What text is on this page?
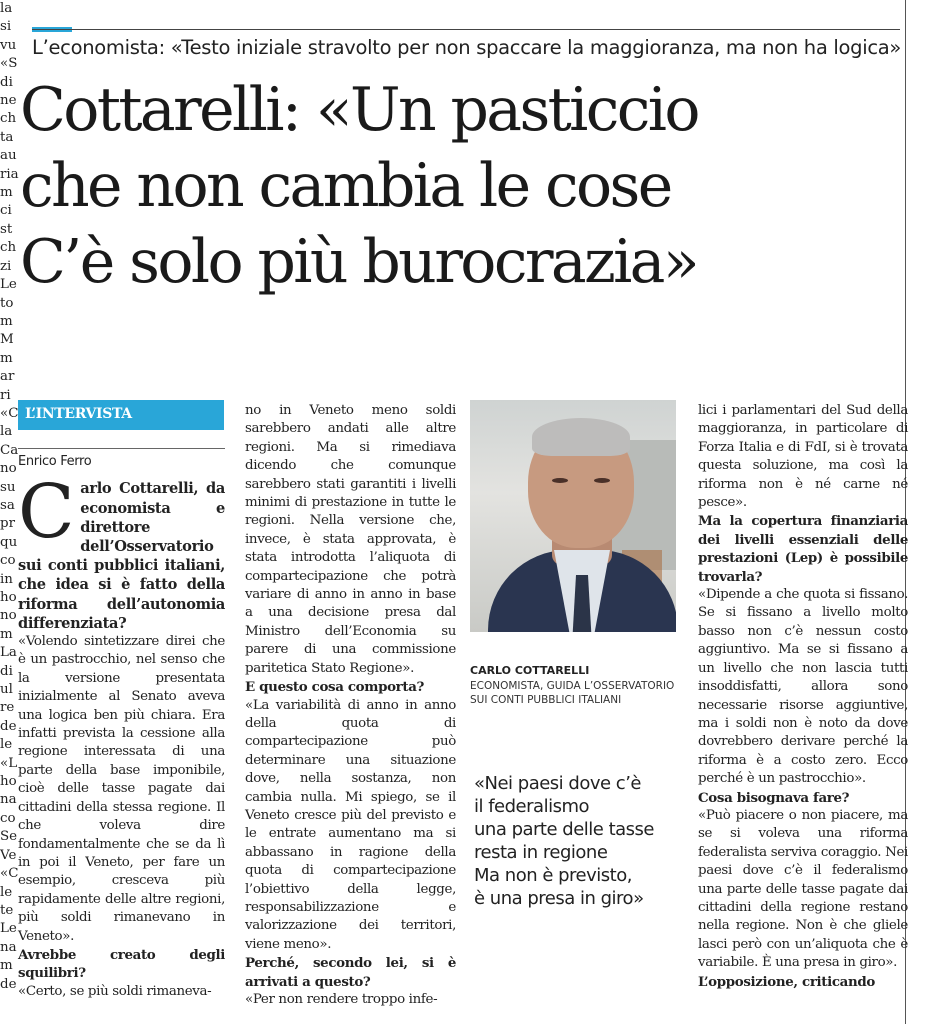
L’economista: «Testo iniziale stravolto per non spaccare la maggioranza, ma non ha logica»
Cottarelli: «Un pasticcio
che non cambia le cose
C’è solo più burocrazia»
L’INTERVISTA
Enrico Ferro

Carlo Cottarelli, da economista e direttore dell’Osservatorio sui conti pubblici italiani, che idea si è fatto della riforma dell’autonomia differenziata?

«Volendo sintetizzare direi che è un pastrocchio, nel senso che la versione presentata inizialmente al Senato aveva una logica ben più chiara. Era infatti prevista la cessione alla regione interessata di una parte della base imponibile, cioè delle tasse pagate dai cittadini della stessa regione. Il che voleva dire fondamentalmente che se da lì in poi il Veneto, per fare un esempio, cresceva più rapidamente delle altre regioni, più soldi rimanevano in Veneto».

Avrebbe creato degli squilibri?

«Certo, se più soldi rimaneva-

no in Veneto meno soldi sarebbero andati alle altre regioni. Ma si rimediava dicendo che comunque sarebbero stati garantiti i livelli minimi di prestazione in tutte le regioni. Nella versione che, invece, è stata approvata, è stata introdotta l’aliquota di compartecipazione che potrà variare di anno in anno in base a una decisione presa dal Ministro dell’Economia su parere di una commissione paritetica Stato Regione».

E questo cosa comporta?

«La variabilità di anno in anno della quota di compartecipazione può determinare una situazione dove, nella sostanza, non cambia nulla. Mi spiego, se il Veneto cresce più del previsto e le entrate aumentano ma si abbassano in ragione della quota di compartecipazione l’obiettivo della legge, responsabilizzazione e valorizzazione dei territori, viene meno».

Perché, secondo lei, si è arrivati a questo?

«Per non rendere troppo infe-

CARLO COTTARELLI
ECONOMISTA, GUIDA L’OSSERVATORIO SUI CONTI PUBBLICI ITALIANI
«Nei paesi dove c’è
il federalismo
una parte delle tasse
resta in regione
Ma non è previsto,
è una presa in giro»

lici i parlamentari del Sud della maggioranza, in particolare di Forza Italia e di FdI, si è trovata questa soluzione, ma così la riforma non è né carne né pesce».

Ma la copertura finanziaria dei livelli essenziali delle prestazioni (Lep) è possibile trovarla?

«Dipende a che quota si fissano. Se si fissano a livello molto basso non c’è nessun costo aggiuntivo. Ma se si fissano a un livello che non lascia tutti insoddisfatti, allora sono necessarie risorse aggiuntive, ma i soldi non è noto da dove dovrebbero derivare perché la riforma è a costo zero. Ecco perché è un pastrocchio».

Cosa bisognava fare?

«Può piacere o non piacere, ma se si voleva una riforma federalista serviva coraggio. Nei paesi dove c’è il federalismo una parte delle tasse pagate dai cittadini della regione restano nella regione. Non è che gliele lasci però con un’aliquota che è variabile. È una presa in giro».

L’opposizione, criticando

la
si
vu
«S
di
ne
ch
ta
au
ria
m
ci
st
ch
zi
Le
to
m
M
m
ar
ri
«C
la
Ca
no
su
sa
pr
qu
co
in
ho
no
m
La
di
ul
re
de
le
«L
ho
na
co
Se
Ve
«C
le
te
Le
na
m
de
